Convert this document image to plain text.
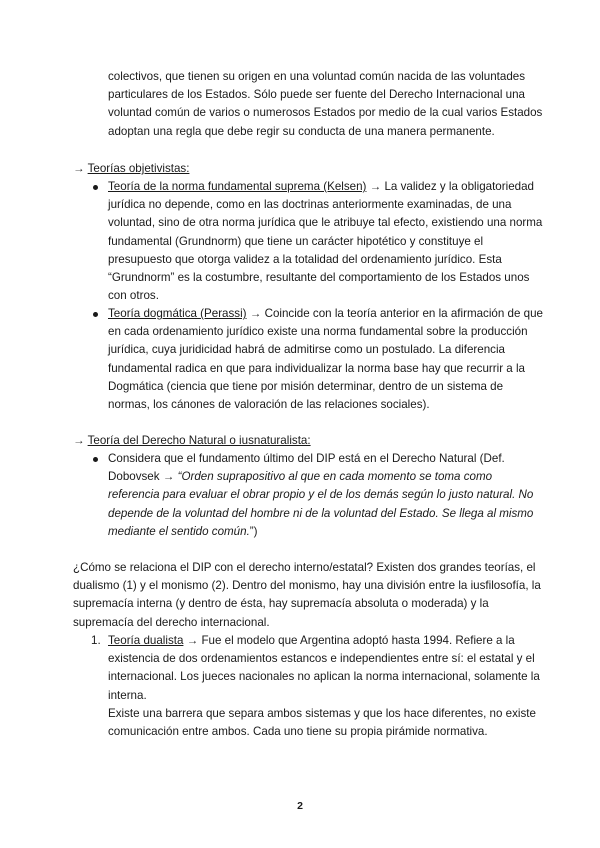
colectivos, que tienen su origen en una voluntad común nacida de las voluntades particulares de los Estados. Sólo puede ser fuente del Derecho Internacional una voluntad común de varios o numerosos Estados por medio de la cual varios Estados adoptan una regla que debe regir su conducta de una manera permanente.
→ Teorías objetivistas:
Teoría de la norma fundamental suprema (Kelsen) → La validez y la obligatoriedad jurídica no depende, como en las doctrinas anteriormente examinadas, de una voluntad, sino de otra norma jurídica que le atribuye tal efecto, existiendo una norma fundamental (Grundnorm) que tiene un carácter hipotético y constituye el presupuesto que otorga validez a la totalidad del ordenamiento jurídico. Esta “Grundnorm” es la costumbre, resultante del comportamiento de los Estados unos con otros.
Teoría dogmática (Perassi) → Coincide con la teoría anterior en la afirmación de que en cada ordenamiento jurídico existe una norma fundamental sobre la producción jurídica, cuya juridicidad habrá de admitirse como un postulado. La diferencia fundamental radica en que para individualizar la norma base hay que recurrir a la Dogmática (ciencia que tiene por misión determinar, dentro de un sistema de normas, los cánones de valoración de las relaciones sociales).
→ Teoría del Derecho Natural o iusnaturalista:
Considera que el fundamento último del DIP está en el Derecho Natural (Def. Dobovsek → “Orden suprapositivo al que en cada momento se toma como referencia para evaluar el obrar propio y el de los demás según lo justo natural. No depende de la voluntad del hombre ni de la voluntad del Estado. Se llega al mismo mediante el sentido común.”)
¿Cómo se relaciona el DIP con el derecho interno/estatal? Existen dos grandes teorías, el dualismo (1) y el monismo (2). Dentro del monismo, hay una división entre la iusfilosofía, la supremacía interna (y dentro de ésta, hay supremacía absoluta o moderada) y la supremacía del derecho internacional.
1. Teoría dualista → Fue el modelo que Argentina adoptó hasta 1994. Refiere a la existencia de dos ordenamientos estancos e independientes entre sí: el estatal y el internacional. Los jueces nacionales no aplican la norma internacional, solamente la interna.
Existe una barrera que separa ambos sistemas y que los hace diferentes, no existe comunicación entre ambos. Cada uno tiene su propia pirámide normativa.
2
